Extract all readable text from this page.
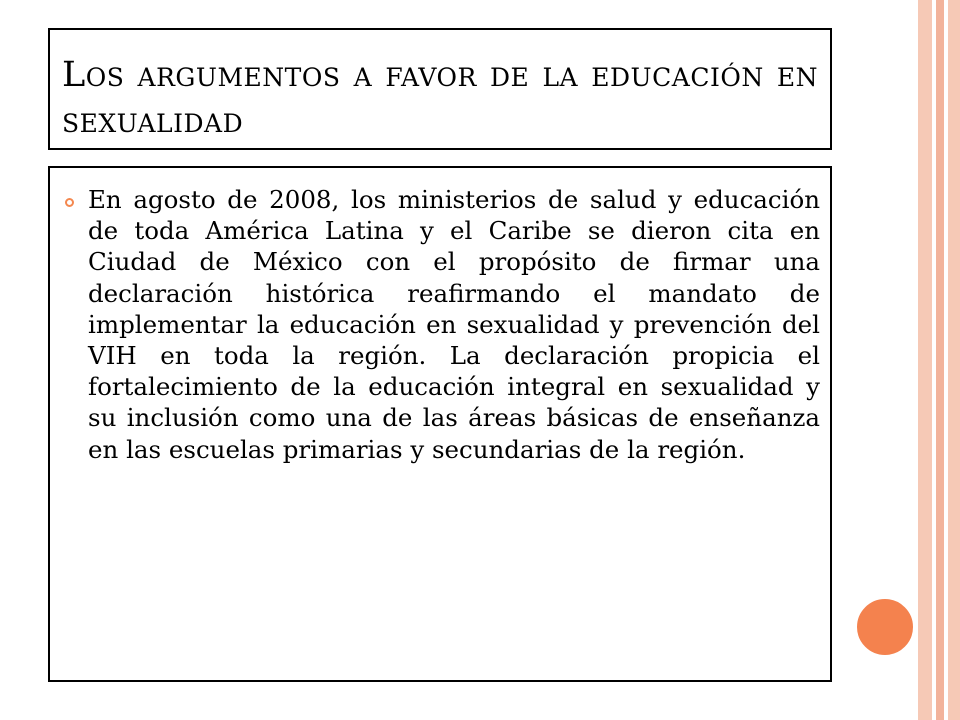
Los argumentos a favor de la educación en sexualidad

En agosto de 2008, los ministerios de salud y educación de toda América Latina y el Caribe se dieron cita en Ciudad de México con el propósito de firmar una declaración histórica reafirmando el mandato de implementar la educación en sexualidad y prevención del VIH en toda la región. La declaración propicia el fortalecimiento de la educación integral en sexualidad y su inclusión como una de las áreas básicas de enseñanza en las escuelas primarias y secundarias de la región.
